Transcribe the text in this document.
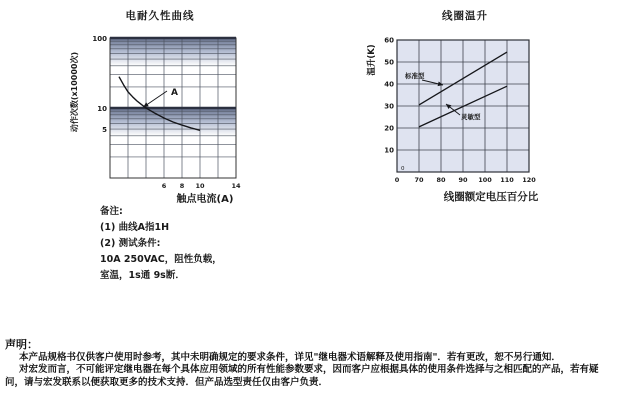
电耐久性曲线
A
100
10
5
6 8 10	14
动作次数(x10000次)
触点电流(A)
线圈温升
标准型
灵敏型
60
50
40
30
20
10
0
0 70 80 90 100 110 120
温升(K)
线圈额定电压百分比
备注:
(1) 曲线A指1H
(2) 测试条件:
10A 250VAC，阻性负载，
室温，1s通 9s断．
声明：
本产品规格书仅供客户使用时参考，其中未明确规定的要求条件，详见"继电器术语解释及使用指南"．若有更改，恕不另行通知．
对宏发而言，不可能评定继电器在每个具体应用领域的所有性能参数要求，因而客户应根据具体的使用条件选择与之相匹配的产品，若有疑
问，请与宏发联系以便获取更多的技术支持．但产品选型责任仅由客户负责．
